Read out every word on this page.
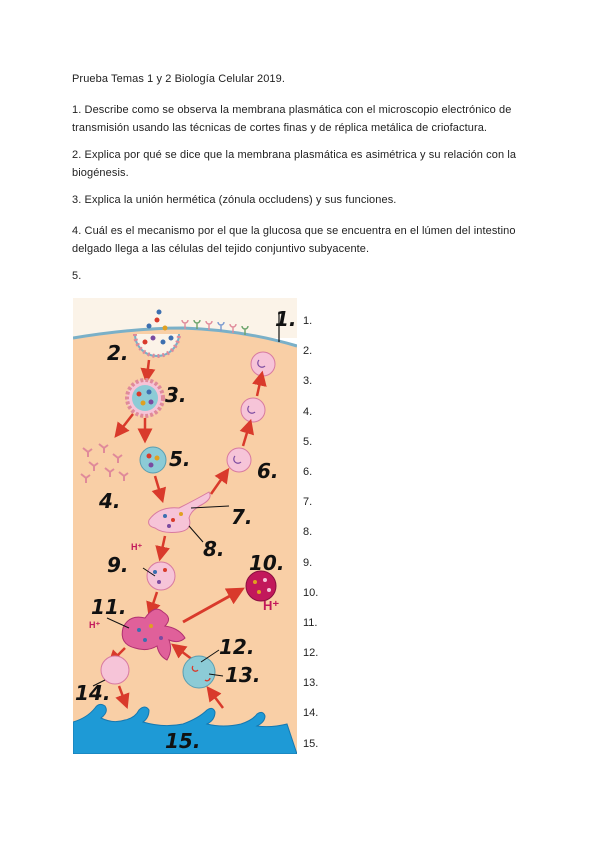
Prueba Temas 1 y 2 Biología Celular 2019.
1. Describe como se observa la membrana plasmática con el microscopio electrónico de transmisión usando las técnicas de cortes finas y de réplica metálica de criofactura.
2. Explica por qué se dice que la membrana plasmática es asimétrica y su relación con la biogénesis.
3. Explica la unión hermética (zónula occludens) y sus funciones.
4. Cuál es el mecanismo por el que la glucosa que se encuentra en el lúmen del intestino delgado llega a las células del tejido conjuntivo subyacente.
5.
2.
1.
3.
4.
5.
7.
8.
H⁺
6.
9.	10.
H⁺
11.
H⁺
14.
12.
13.
15.
1.
2.
3.
4.
5.
6.
7.
8.
9.
10.
11.
12.
13.
14.
15.
